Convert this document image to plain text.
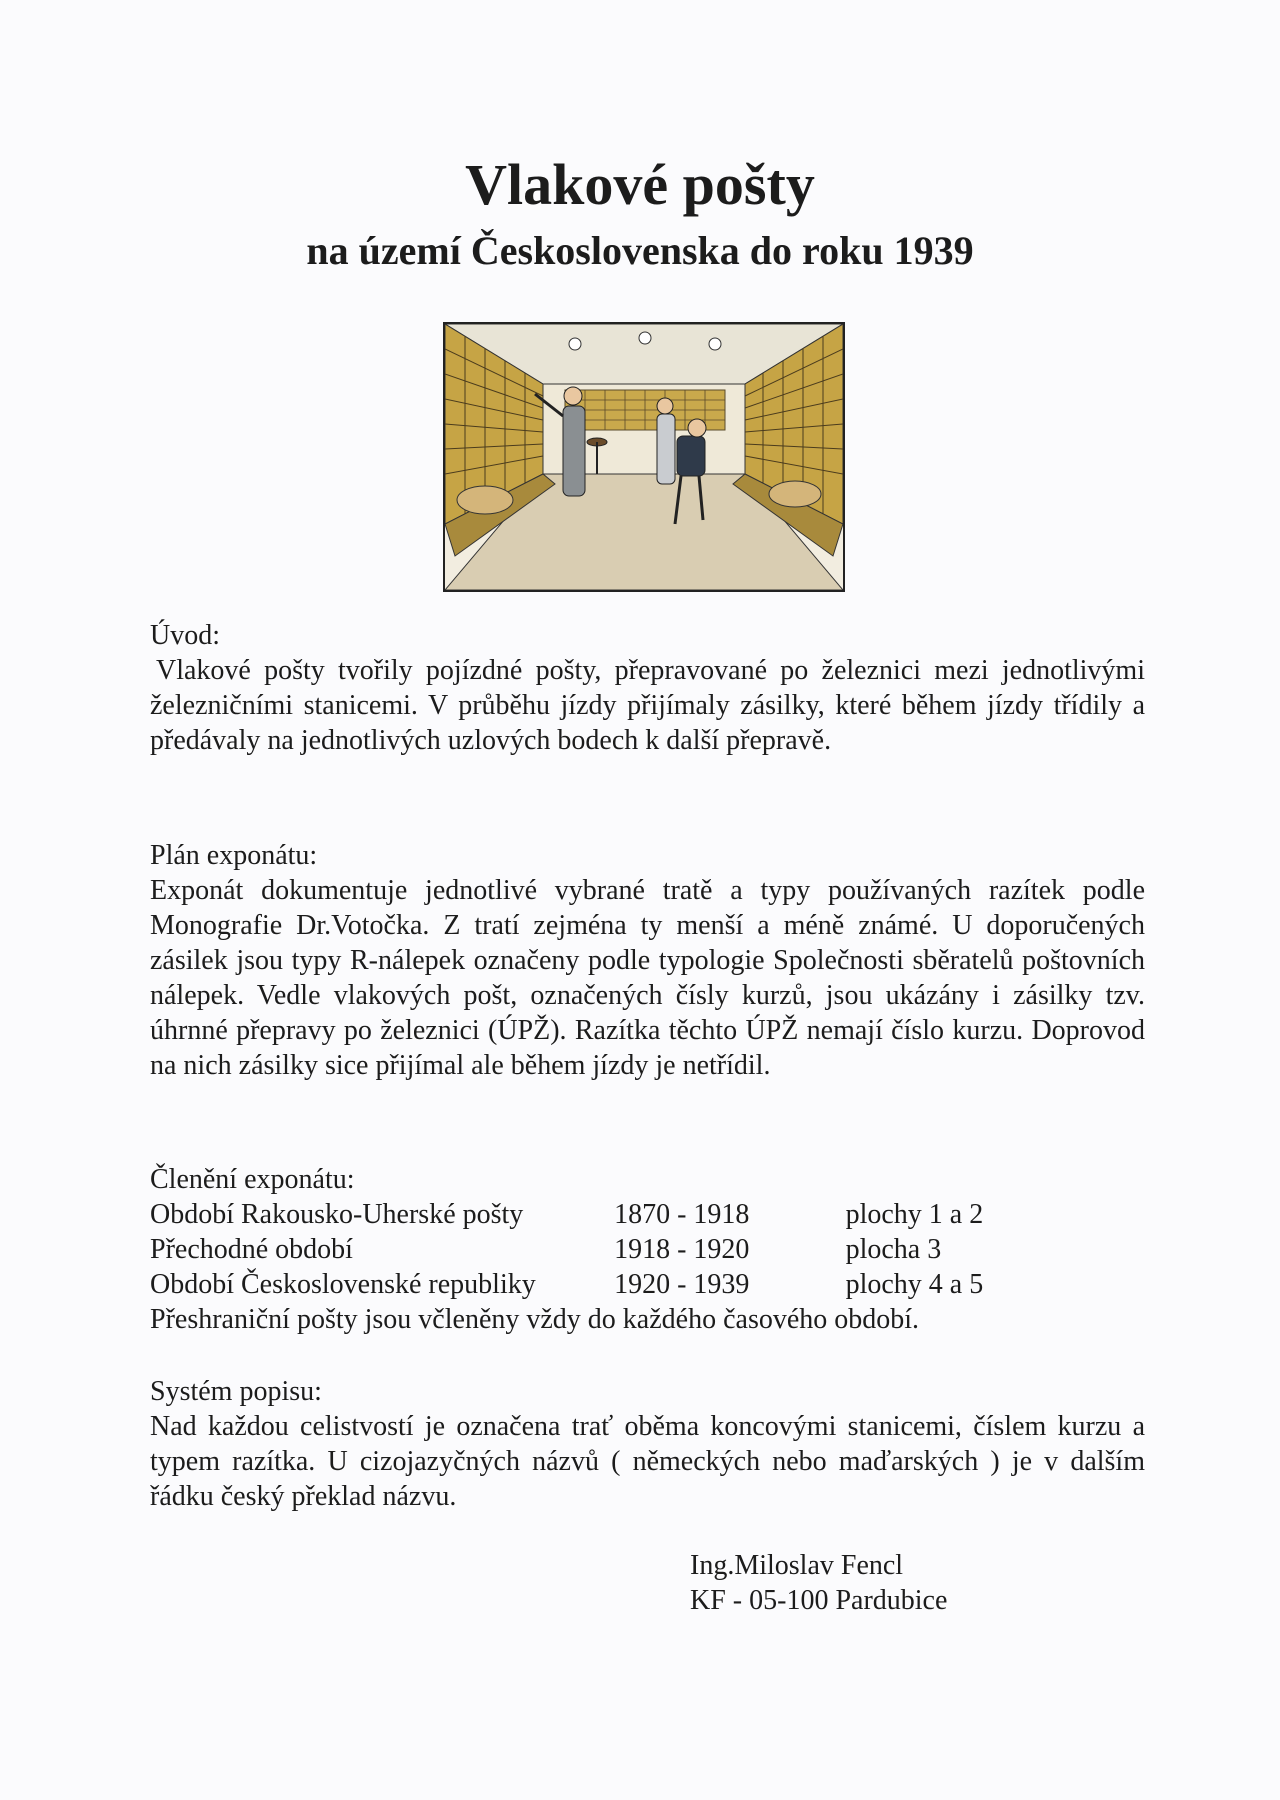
Vlakové pošty
na území Československa do roku 1939
Úvod:

Vlakové pošty tvořily pojízdné pošty, přepravované po železnici mezi jednotlivými železničními stanicemi. V průběhu jízdy přijímaly zásilky, které během jízdy třídily a předávaly na jednotlivých uzlových bodech k další přepravě.

Plán exponátu:

Exponát dokumentuje jednotlivé vybrané tratě a typy používaných razítek podle Monografie Dr.Votočka. Z tratí zejména ty menší a méně známé. U doporučených zásilek jsou typy R-nálepek označeny podle typologie Společnosti sběratelů poštovních nálepek. Vedle vlakových pošt, označených čísly kurzů, jsou ukázány i zásilky tzv. úhrnné přepravy po železnici (ÚPŽ). Razítka těchto ÚPŽ nemají číslo kurzu. Doprovod na nich zásilky sice přijímal ale během jízdy je netřídil.

Členění exponátu:
Období Rakousko-Uherské pošty	1870 - 1918	plochy 1 a 2
Přechodné období	1918 - 1920	plocha 3
Období Československé republiky	1920 - 1939	plochy 4 a 5

Přeshraniční pošty jsou včleněny vždy do každého časového období.

Systém popisu:

Nad každou celistvostí je označena trať oběma koncovými stanicemi, číslem kurzu a typem razítka. U cizojazyčných názvů ( německých nebo maďarských ) je v dalším řádku český překlad názvu.

Ing.Miloslav Fencl
KF - 05-100 Pardubice
